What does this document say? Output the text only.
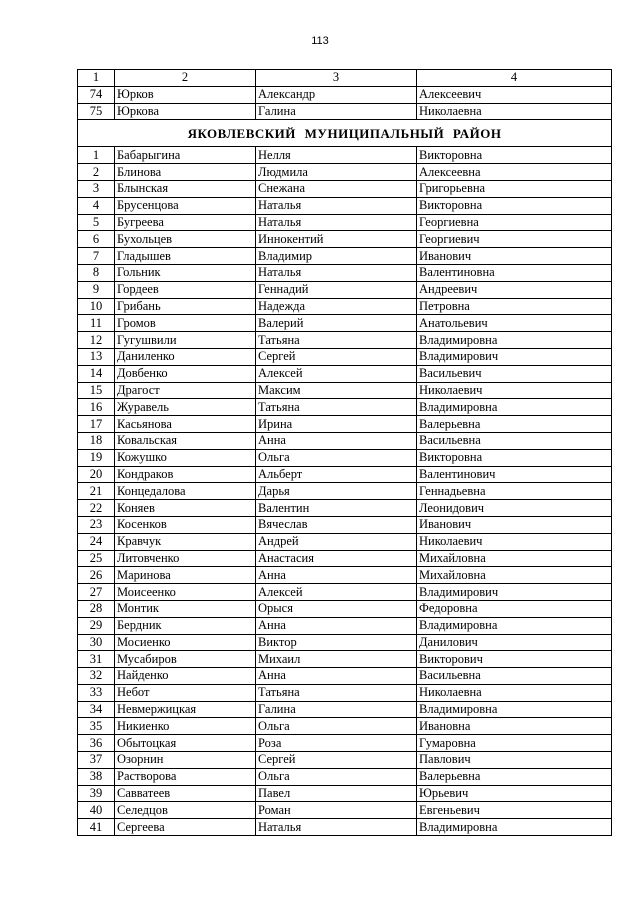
113
1	2	3	4
74	Юрков	Александр	Алексеевич
75	Юркова	Галина	Николаевна
ЯКОВЛЕВСКИЙ МУНИЦИПАЛЬНЫЙ РАЙОН			
1	Бабарыгина	Нелля	Викторовна
2	Блинова	Людмила	Алексеевна
3	Блынская	Снежана	Григорьевна
4	Брусенцова	Наталья	Викторовна
5	Бугреева	Наталья	Георгиевна
6	Бухольцев	Иннокентий	Георгиевич
7	Гладышев	Владимир	Иванович
8	Гольник	Наталья	Валентиновна
9	Гордеев	Геннадий	Андреевич
10	Грибань	Надежда	Петровна
11	Громов	Валерий	Анатольевич
12	Гугушвили	Татьяна	Владимировна
13	Даниленко	Сергей	Владимирович
14	Довбенко	Алексей	Васильевич
15	Драгост	Максим	Николаевич
16	Журавель	Татьяна	Владимировна
17	Касьянова	Ирина	Валерьевна
18	Ковальская	Анна	Васильевна
19	Кожушко	Ольга	Викторовна
20	Кондраков	Альберт	Валентинович
21	Концедалова	Дарья	Геннадьевна
22	Коняев	Валентин	Леонидович
23	Косенков	Вячеслав	Иванович
24	Кравчук	Андрей	Николаевич
25	Литовченко	Анастасия	Михайловна
26	Маринова	Анна	Михайловна
27	Моисеенко	Алексей	Владимирович
28	Монтик	Орыся	Федоровна
29	Бердник	Анна	Владимировна
30	Мосиенко	Виктор	Данилович
31	Мусабиров	Михаил	Викторович
32	Найденко	Анна	Васильевна
33	Небот	Татьяна	Николаевна
34	Невмержицкая	Галина	Владимировна
35	Никиенко	Ольга	Ивановна
36	Обытоцкая	Роза	Гумаровна
37	Озорнин	Сергей	Павлович
38	Растворова	Ольга	Валерьевна
39	Савватеев	Павел	Юрьевич
40	Селедцов	Роман	Евгеньевич
41	Сергеева	Наталья	Владимировна
